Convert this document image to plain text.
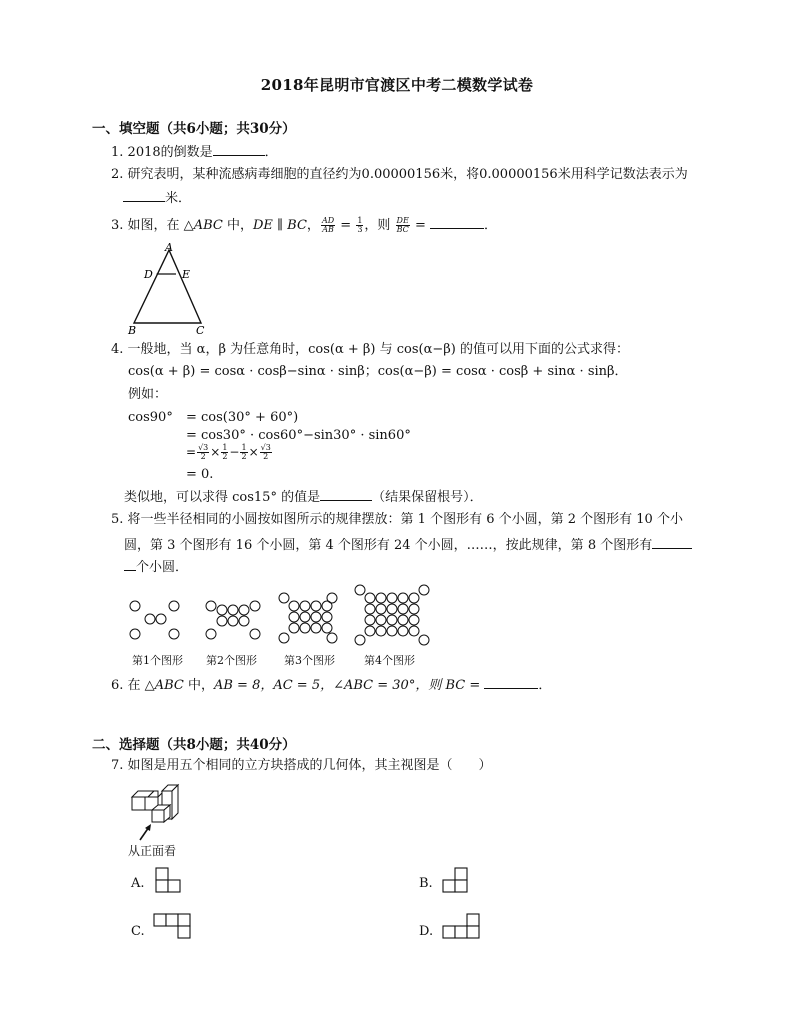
2018年昆明市官渡区中考二模数学试卷
一、填空题（共6小题；共30分）
1. 2018的倒数是	．
2. 研究表明，某种流感病毒细胞的直径约为0.00000156米，将0.00000156米用科学记数法表示为
米．
3. 如图，在 △ABC 中，DE ∥ BC， $\frac{AD}{AB} = \frac{1}{3}$ ，则 $\frac{DE}{BC}$ =	．
A
D	E
B	C
4. 一般地，当 α，β 为任意角时，cos(α + β) 与 cos(α−β) 的值可以用下面的公式求得：
cos(α + β) = cosα · cosβ−sinα · sinβ；cos(α−β) = cosα · cosβ + sinα · sinβ．
例如：
cos90° = cos(30° + 60°)
= cos30° · cos60°−sin30° · sin60°
= $\frac{√3}{2} \times \frac{1}{2} - \frac{1}{2} \times \frac{√3}{2}$
= 0.
类似地，可以求得 cos15° 的值是	（结果保留根号）．
5. 将一些半径相同的小圆按如图所示的规律摆放：第 1 个图形有 6 个小圆，第 2 个图形有 10 个小
圆，第 3 个图形有 16 个小圆，第 4 个图形有 24 个小圆，……，按此规律，第 8 个图形有
个小圆．
第1个图形 第2个图形 第3个图形	第4个图形
6. 在 △ABC 中，AB = 8，AC = 5，∠ABC = 30°，则 BC =	．
二、选择题（共8小题；共40分）
7. 如图是用五个相同的立方块搭成的几何体，其主视图是（　　）
从正面看
A.	B.
C.	D.
